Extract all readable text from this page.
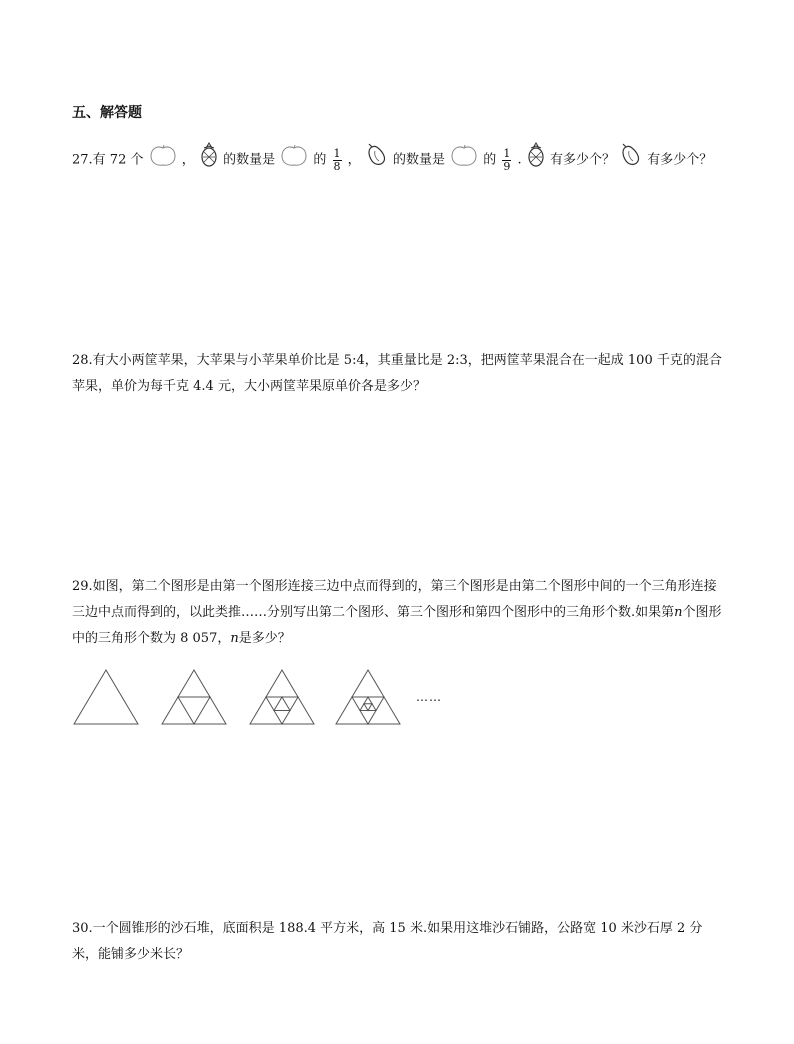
五、解答题
27.有 72 个	， 的数量是	的 $\frac{1}{8}$ ， 的数量是	的 $\frac{1}{9}$ . 有多少个？ 有多少个？
28.有大小两筐苹果，大苹果与小苹果单价比是 5:4，其重量比是 2:3，把两筐苹果混合在一起成 100 千克的混合苹果，单价为每千克 4.4 元，大小两筐苹果原单价各是多少？
29.如图，第二个图形是由第一个图形连接三边中点而得到的，第三个图形是由第二个图形中间的一个三角形连接三边中点而得到的，以此类推……分别写出第二个图形、第三个图形和第四个图形中的三角形个数.如果第n个图形中的三角形个数为 8 057，n是多少？
……
30.一个圆锥形的沙石堆，底面积是 188.4 平方米，高 15 米.如果用这堆沙石铺路，公路宽 10 米沙石厚 2 分米，能铺多少米长？
